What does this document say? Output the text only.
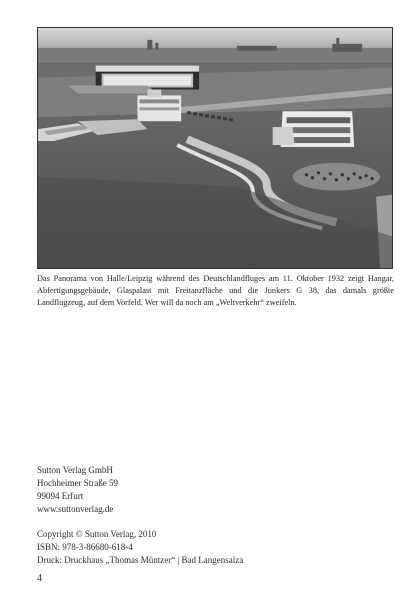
Das Panorama von Halle/Leipzig während des Deutschlandfluges am 11. Oktober 1932 zeigt Hangar, Abfertigungsgebäude, Glaspalast mit Freitanzfläche und die Junkers G 38, das damals größte Landflugzeug, auf dem Vorfeld. Wer will da noch am „Weltverkehr“ zweifeln.
Sutton Verlag GmbH
Hochheimer Straße 59
99094 Erfurt
www.suttonverlag.de
Copyright © Sutton Verlag, 2010
ISBN: 978-3-86680-618-4
Druck: Druckhaus „Thomas Müntzer“ | Bad Langensalza
4
